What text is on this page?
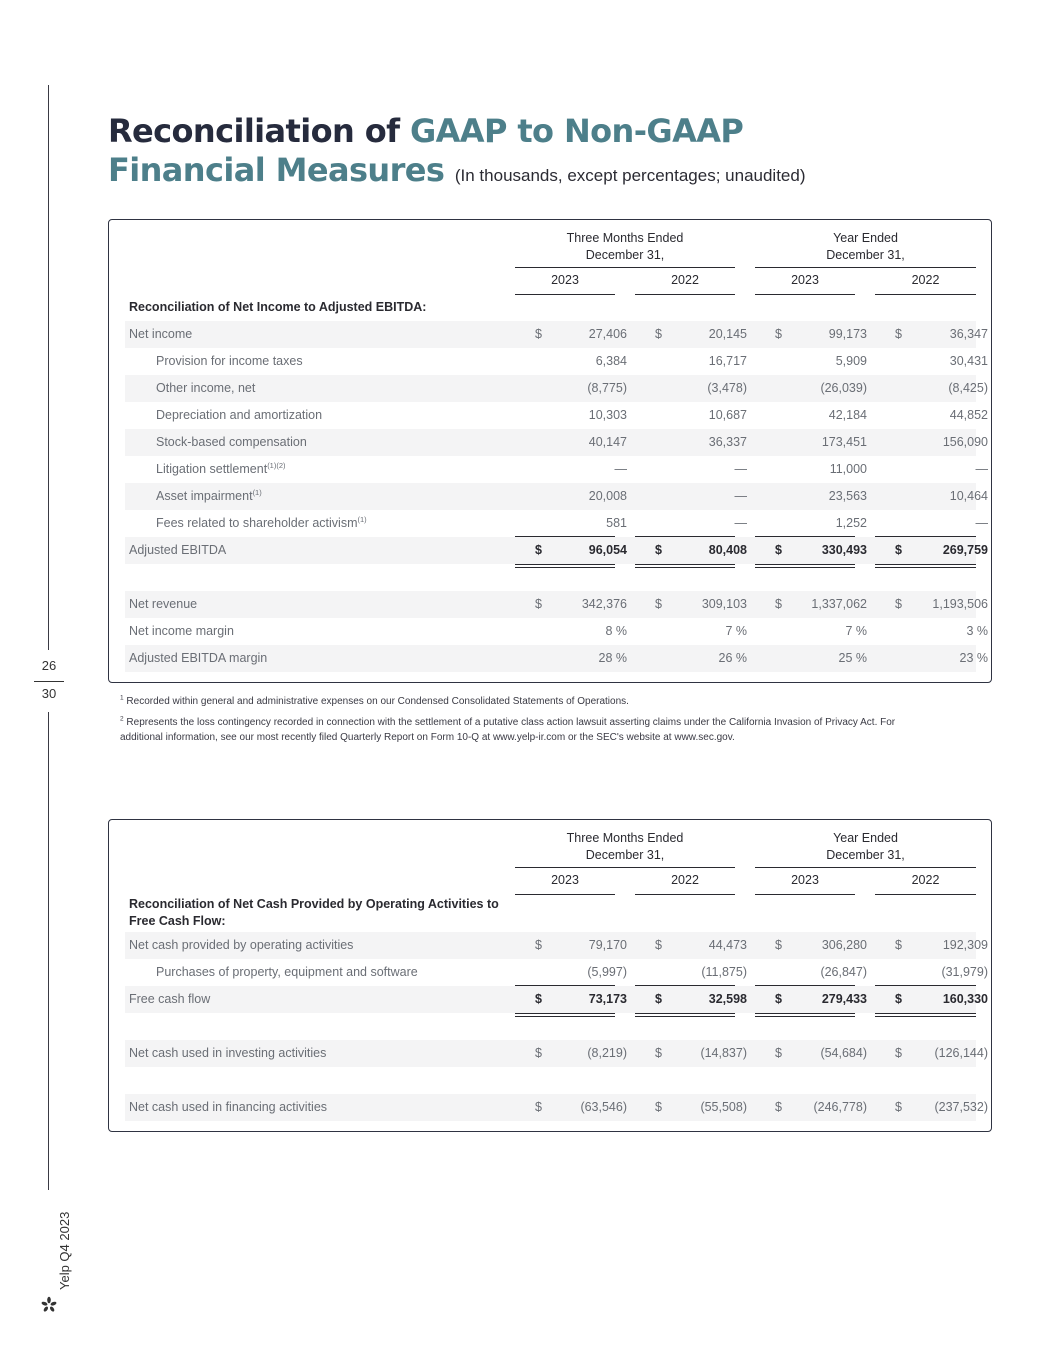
26
30
Yelp Q4 2023
Reconciliation of GAAP to Non-GAAP
Financial Measures (In thousands, except percentages; unaudited)
Three Months Ended
December 31,
Year Ended
December 31,
2023	2022	2023	2022
Reconciliation of Net Income to Adjusted EBITDA:
Net income	$	27,406 $	20,145 $	99,173 $	36,347
Provision for income taxes	6,384	16,717	5,909	30,431
Other income, net	(8,775)	(3,478)	(26,039)	(8,425)
Depreciation and amortization	10,303	10,687	42,184	44,852
Stock-based compensation	40,147	36,337	173,451	156,090
Litigation settlement$^{(1)(2)}$	—	—	11,000	—
Asset impairment$^{(1)}$	20,008	—	23,563	10,464
Fees related to shareholder activism$^{(1)}$	581	—	1,252	—
Adjusted EBITDA	$	96,054 $	80,408 $	330,493 $	269,759
Net revenue	$	342,376 $	309,103 $	1,337,062 $	1,193,506
Net income margin	8 %	7 %	7 %	3 %
Adjusted EBITDA margin	28 %	26 %	25 %	23 %
$^1$ Recorded within general and administrative expenses on our Condensed Consolidated Statements of Operations.
$^2$ Represents the loss contingency recorded in connection with the settlement of a putative class action lawsuit asserting claims under the California Invasion of Privacy Act. For additional information, see our most recently filed Quarterly Report on Form 10-Q at www.yelp-ir.com or the SEC's website at www.sec.gov.
Three Months Ended
December 31,
Year Ended
December 31,
2023	2022	2023	2022
Reconciliation of Net Cash Provided by Operating Activities to Free Cash Flow:
Net cash provided by operating activities	$	79,170 $	44,473 $	306,280 $	192,309
Purchases of property, equipment and software	(5,997)	(11,875)	(26,847)	(31,979)
Free cash flow	$	73,173 $	32,598 $	279,433 $	160,330
Net cash used in investing activities	$	(8,219) $	(14,837) $	(54,684) $	(126,144)
Net cash used in financing activities	$	(63,546) $	(55,508) $	(246,778) $	(237,532)
